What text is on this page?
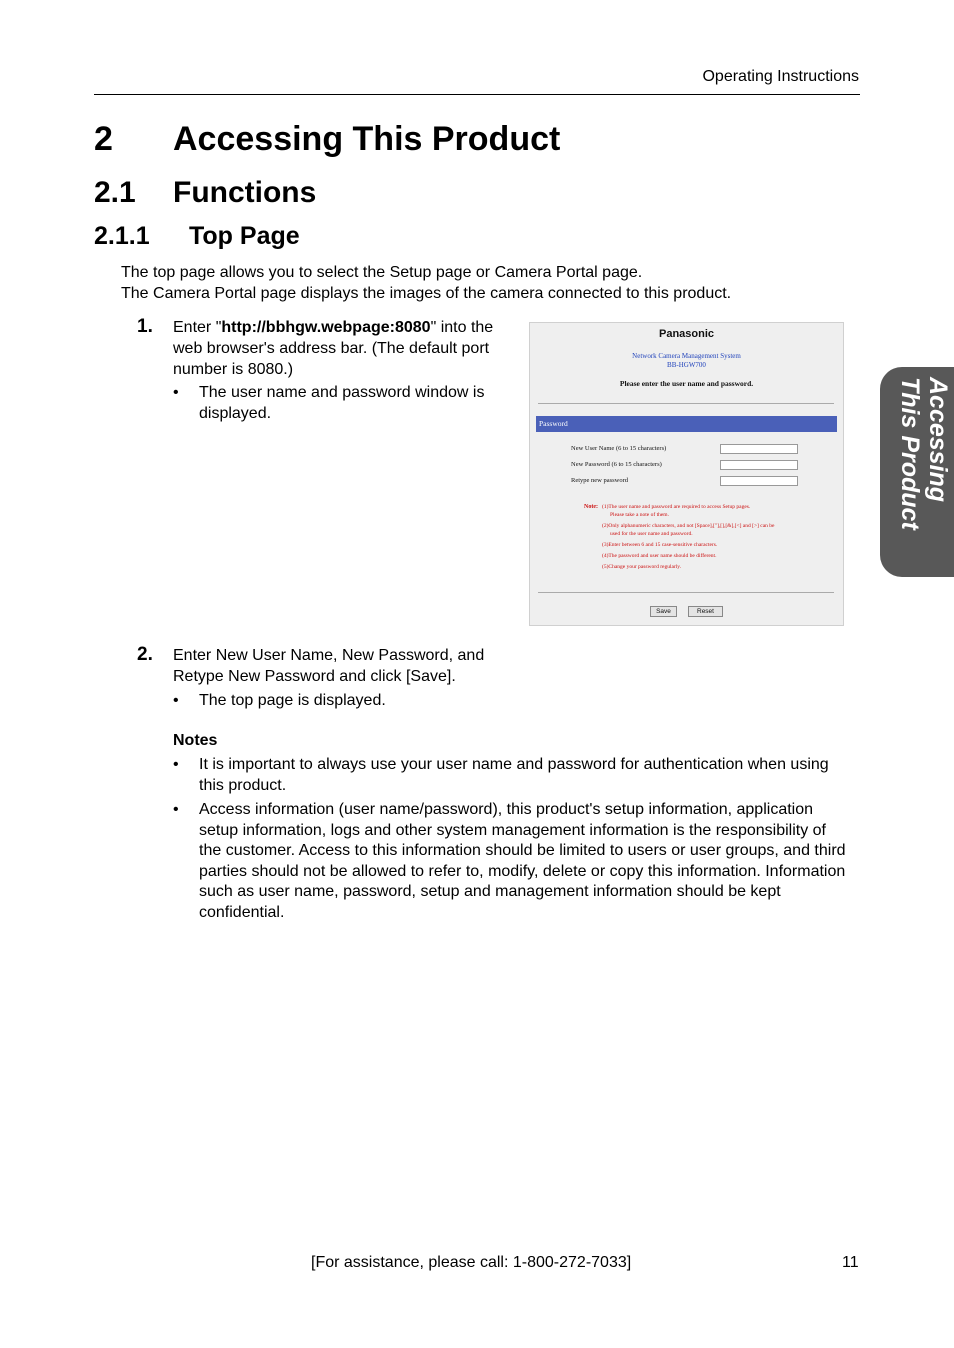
Operating Instructions
2 Accessing This Product
2.1 Functions
2.1.1 Top Page
The top page allows you to select the Setup page or Camera Portal page.
The Camera Portal page displays the images of the camera connected to this product.
1. Enter "http://bbhgw.webpage:8080" into the
web browser's address bar. (The default port
number is 8080.)
• The user name and password window is
displayed.
Panasonic
Network Camera Management System
BB-HGW700
Please enter the user name and password.
Password
New User Name (6 to 15 characters)
New Password (6 to 15 characters)
Retype new password
Note: (1)The user name and password are required to access Setup pages.
Please take a note of them.
(2)Only alphanumeric characters, and not [Space],["],[],[&],[<] and [>] can be
used for the user name and password.
(3)Enter between 6 and 15 case-sensitive characters.
(4)The password and user name should be different.
(5)Change your password regularly.
Save	Reset
2. Enter New User Name, New Password, and
Retype New Password and click [Save].
• The top page is displayed.
Notes
• It is important to always use your user name and password for authentication when using
this product.
• Access information (user name/password), this product's setup information, application
setup information, logs and other system management information is the responsibility of
the customer. Access to this information should be limited to users or user groups, and third
parties should not be allowed to refer to, modify, delete or copy this information. Information
such as user name, password, setup and management information should be kept
confidential.
Accessing
This Product
[For assistance, please call: 1-800-272-7033]	11
